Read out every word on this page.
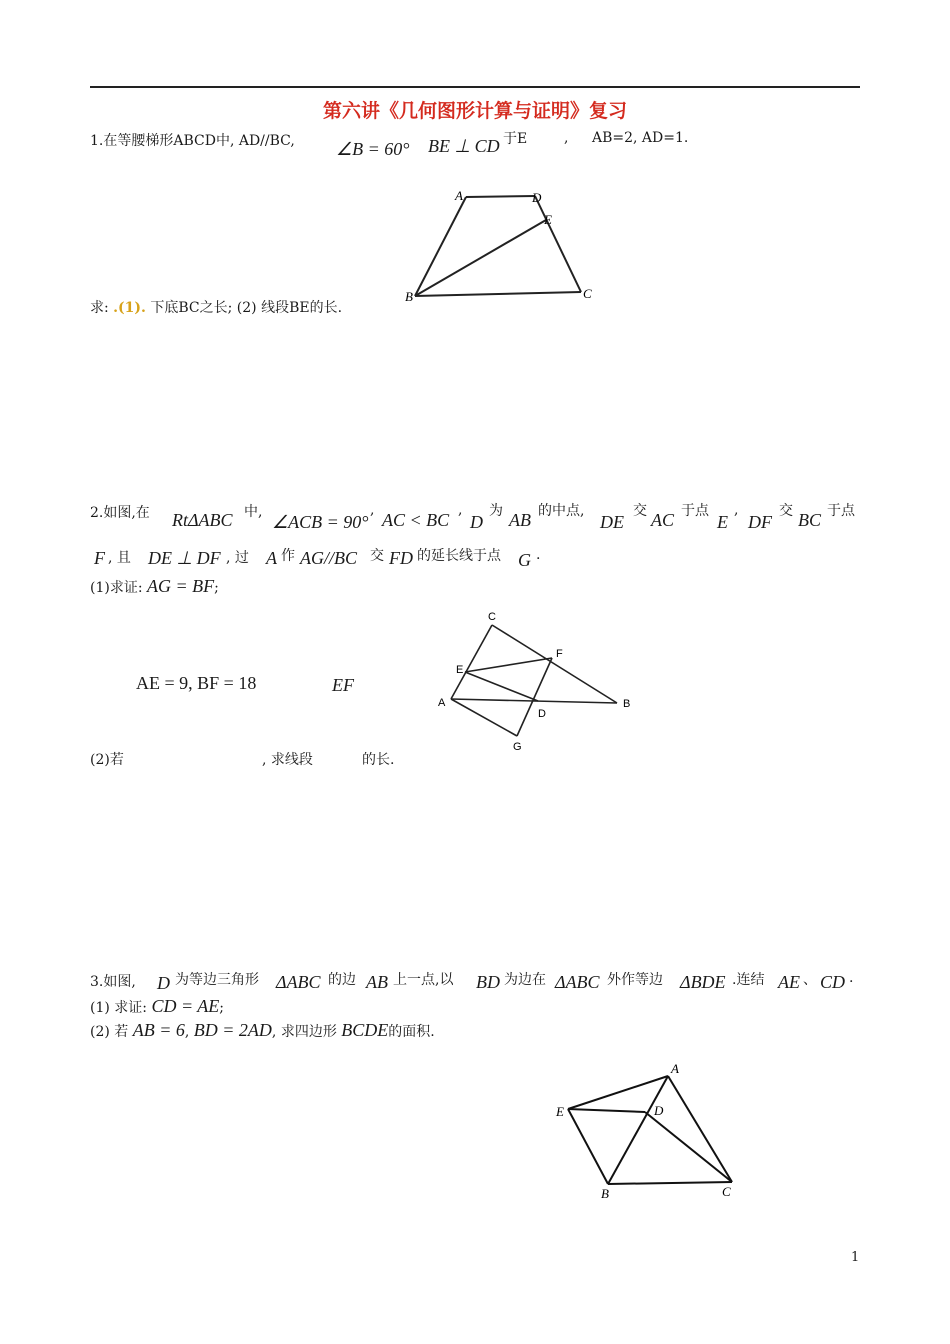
第六讲《几何图形计算与证明》复习
1.在等腰梯形ABCD中, AD//BC, ∠B = 60° BE ⊥ CD 于E	, AB=2, AD=1.
A	D
E
B	C
求: .(1). 下底BC之长; (2) 线段BE的长.
2.如图,在 RtΔABC 中, ∠ACB = 90°
, AC < BC ,
D
为 AB 的中点,
DE
交 AC 于点
E
,
DF
交 BC 于点
F , 且 DE ⊥ DF , 过 A 作 AG//BC 交 FD 的延长线于点 G .
(1)求证: AG = BF;
AE = 9, BF = 18	EF
(2)若	, 求线段	的长.
C
F
E
A
D
B
G
3.如图, D 为等边三角形 ΔABC 的边 AB 上一点,以 BD 为边在 ΔABC 外作等边 ΔBDE .连结 AE 、 CD .
(1) 求证: CD = AE;
(2) 若 AB = 6, BD = 2AD, 求四边形 BCDE的面积.
A
E	D
B	C
1
